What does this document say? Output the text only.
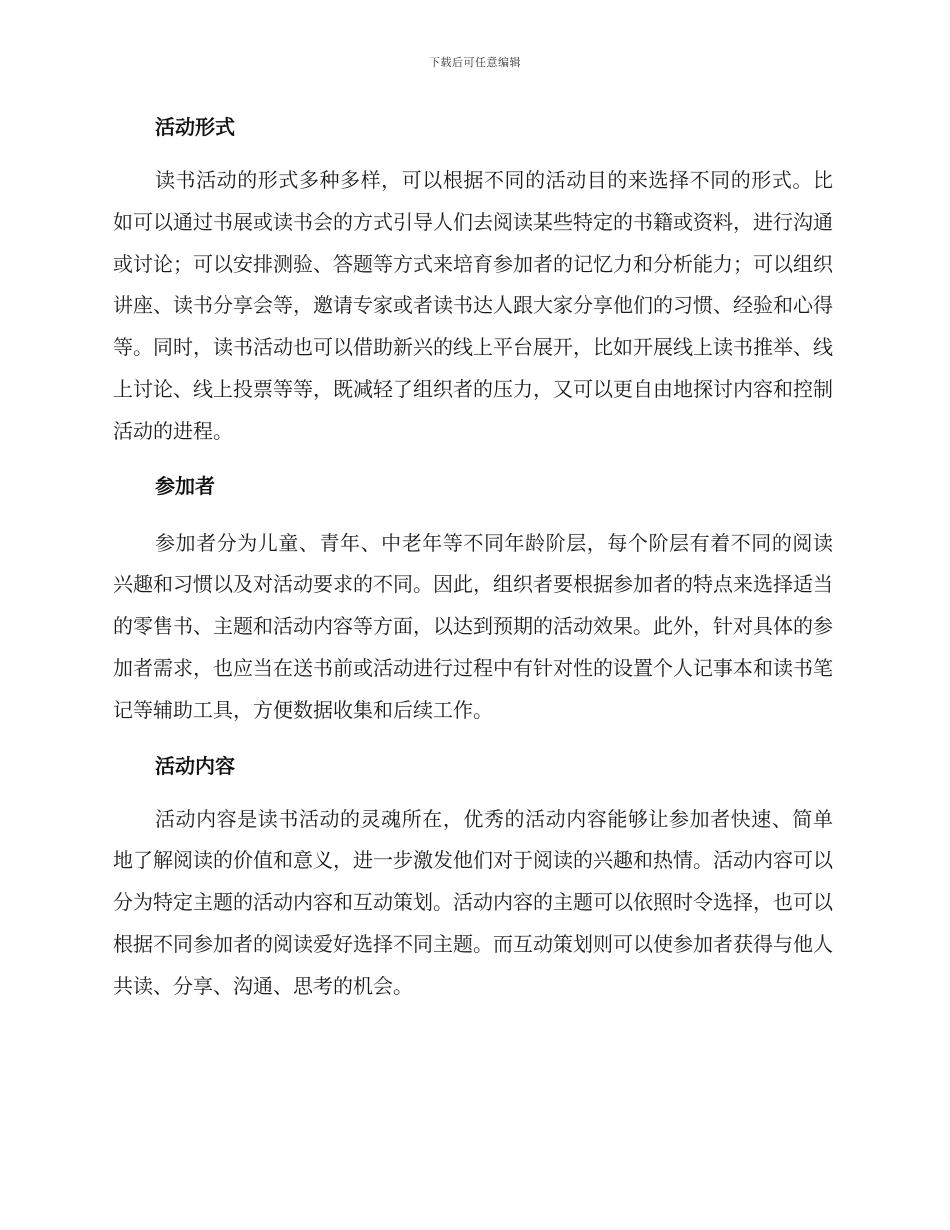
下载后可任意编辑
活动形式

读书活动的形式多种多样，可以根据不同的活动目的来选择不同的形式。比如可以通过书展或读书会的方式引导人们去阅读某些特定的书籍或资料，进行沟通或讨论；可以安排测验、答题等方式来培育参加者的记忆力和分析能力；可以组织讲座、读书分享会等，邀请专家或者读书达人跟大家分享他们的习惯、经验和心得等。同时，读书活动也可以借助新兴的线上平台展开，比如开展线上读书推举、线上讨论、线上投票等等，既减轻了组织者的压力，又可以更自由地探讨内容和控制活动的进程。

参加者

参加者分为儿童、青年、中老年等不同年龄阶层，每个阶层有着不同的阅读兴趣和习惯以及对活动要求的不同。因此，组织者要根据参加者的特点来选择适当的零售书、主题和活动内容等方面，以达到预期的活动效果。此外，针对具体的参加者需求，也应当在送书前或活动进行过程中有针对性的设置个人记事本和读书笔记等辅助工具，方便数据收集和后续工作。

活动内容

活动内容是读书活动的灵魂所在，优秀的活动内容能够让参加者快速、简单地了解阅读的价值和意义，进一步激发他们对于阅读的兴趣和热情。活动内容可以分为特定主题的活动内容和互动策划。活动内容的主题可以依照时令选择，也可以根据不同参加者的阅读爱好选择不同主题。而互动策划则可以使参加者获得与他人共读、分享、沟通、思考的机会。
